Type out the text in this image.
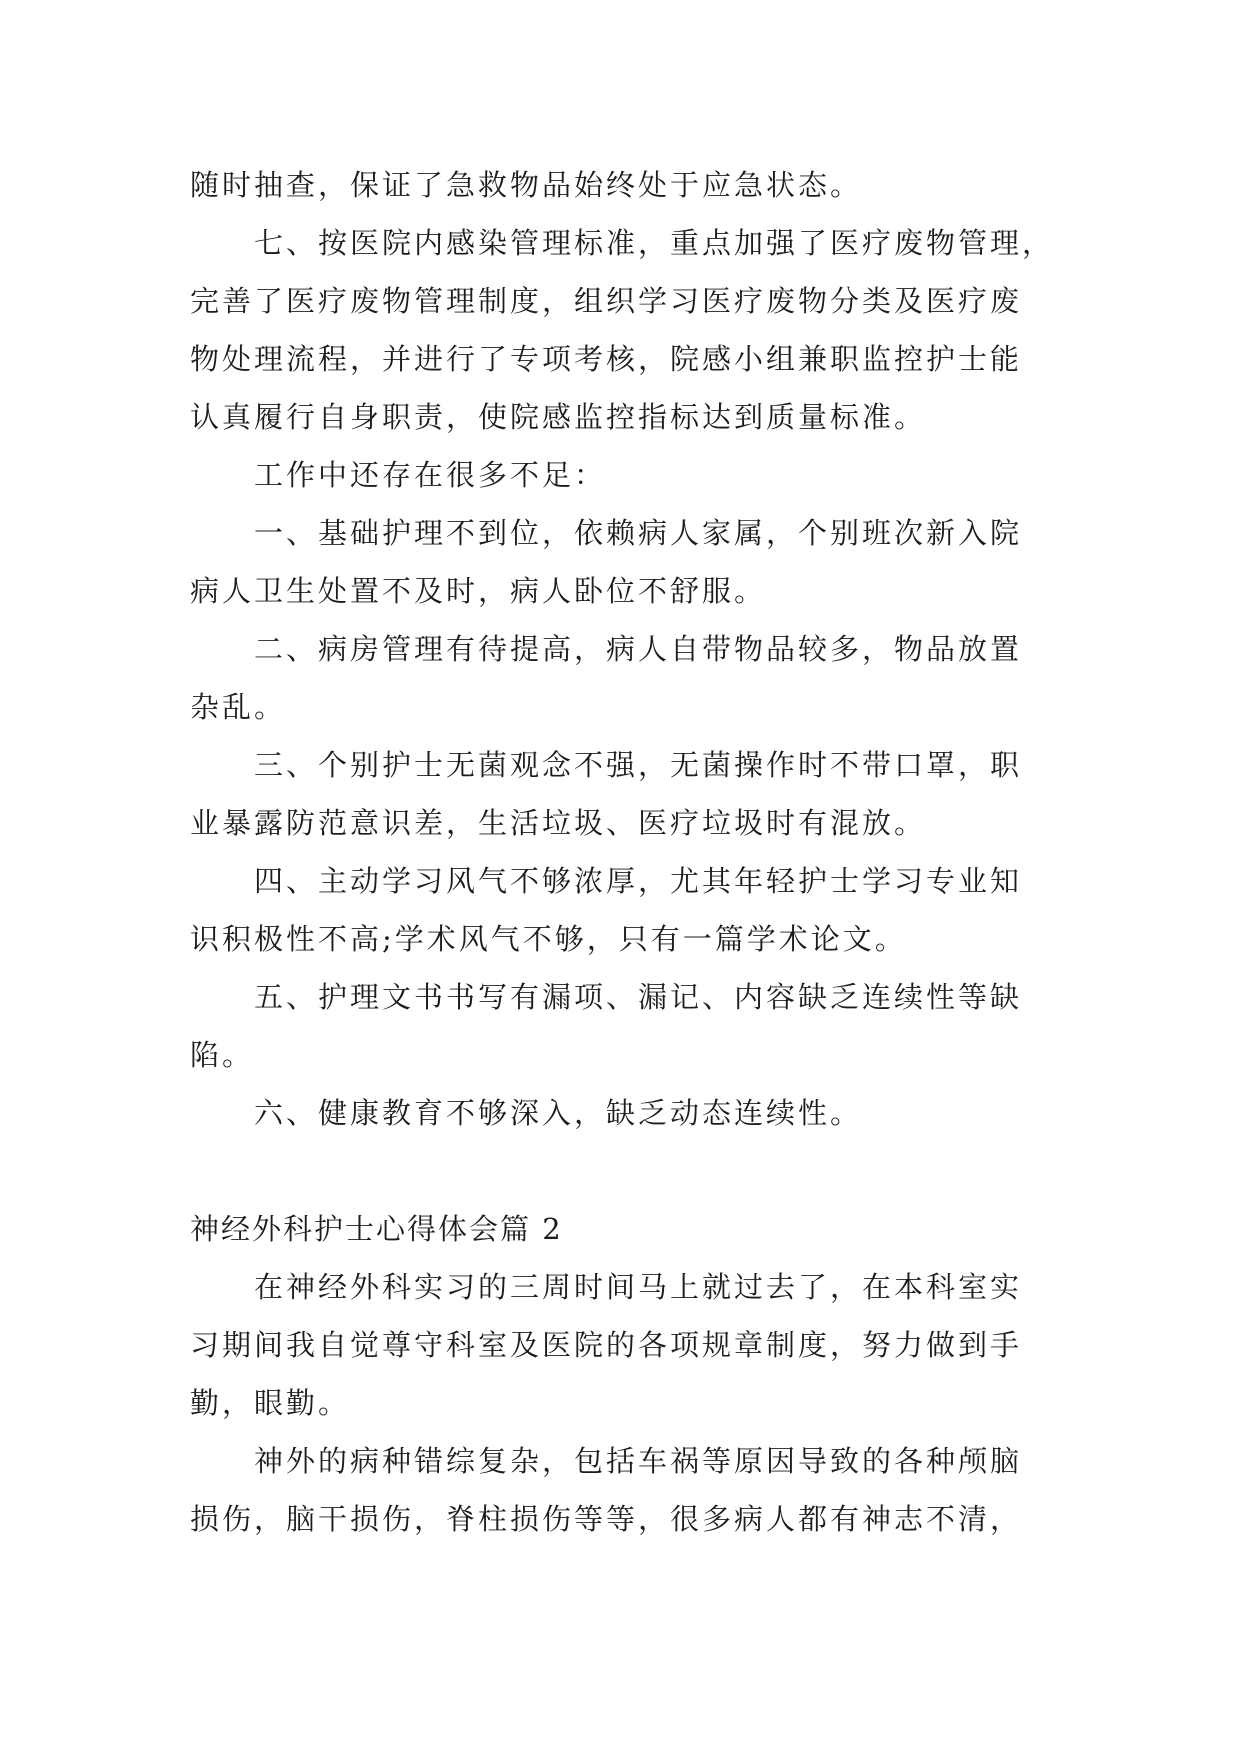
随时抽查，保证了急救物品始终处于应急状态。
七、按医院内感染管理标准，重点加强了医疗废物管理，
完善了医疗废物管理制度，组织学习医疗废物分类及医疗废
物处理流程，并进行了专项考核，院感小组兼职监控护士能
认真履行自身职责，使院感监控指标达到质量标准。
工作中还存在很多不足：
一、基础护理不到位，依赖病人家属，个别班次新入院
病人卫生处置不及时，病人卧位不舒服。
二、病房管理有待提高，病人自带物品较多，物品放置
杂乱。
三、个别护士无菌观念不强，无菌操作时不带口罩，职
业暴露防范意识差，生活垃圾、医疗垃圾时有混放。
四、主动学习风气不够浓厚，尤其年轻护士学习专业知
识积极性不高;学术风气不够，只有一篇学术论文。
五、护理文书书写有漏项、漏记、内容缺乏连续性等缺
陷。
六、健康教育不够深入，缺乏动态连续性。
神经外科护士心得体会篇 2
在神经外科实习的三周时间马上就过去了，在本科室实
习期间我自觉尊守科室及医院的各项规章制度，努力做到手
勤，眼勤。
神外的病种错综复杂，包括车祸等原因导致的各种颅脑
损伤，脑干损伤，脊柱损伤等等，很多病人都有神志不清，
